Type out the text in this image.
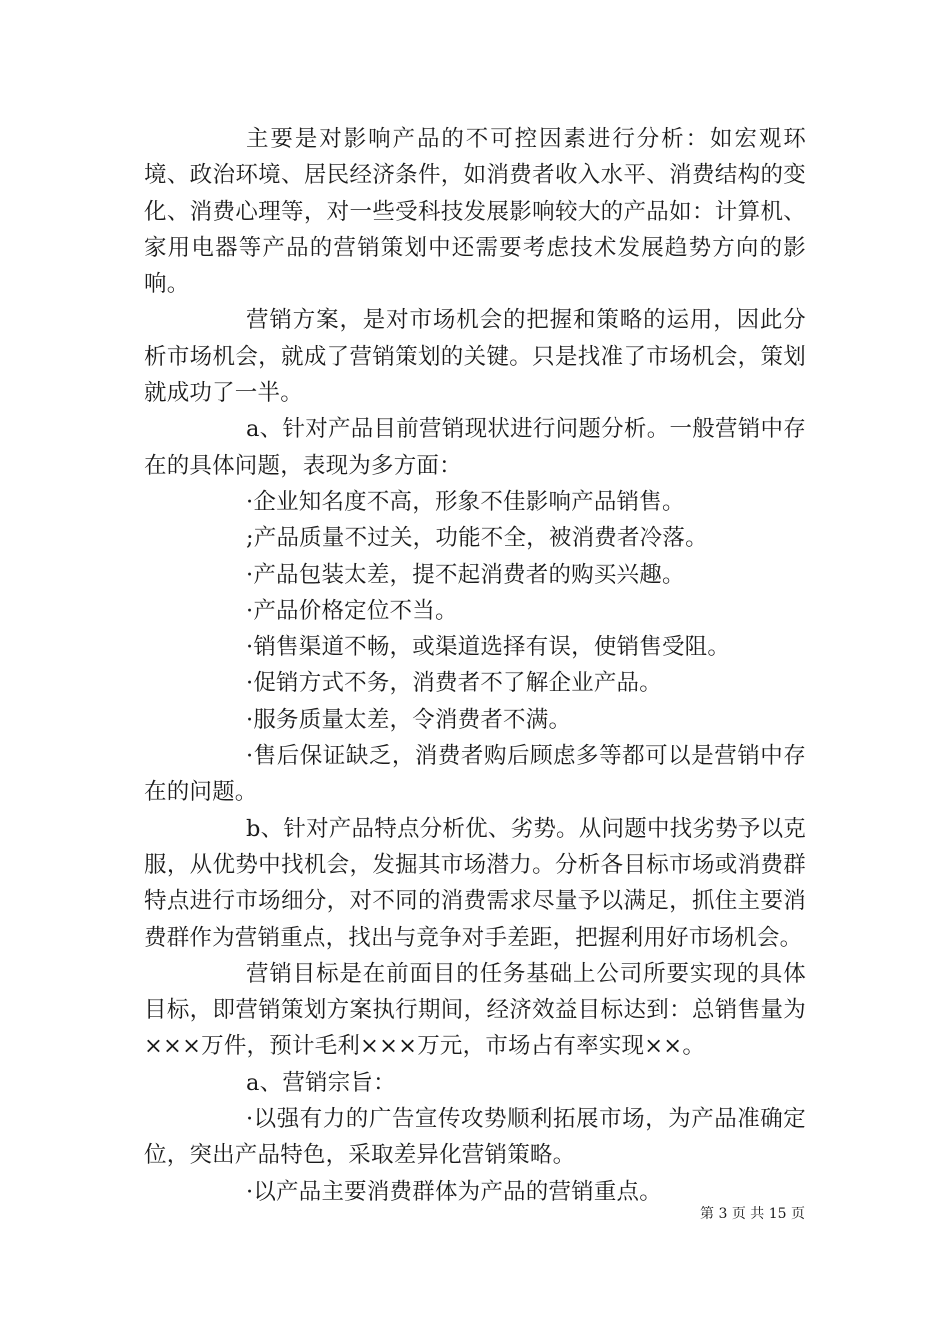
主要是对影响产品的不可控因素进行分析：如宏观环境、政治环境、居民经济条件，如消费者收入水平、消费结构的变化、消费心理等，对一些受科技发展影响较大的产品如：计算机、家用电器等产品的营销策划中还需要考虑技术发展趋势方向的影响。

营销方案，是对市场机会的把握和策略的运用，因此分析市场机会，就成了营销策划的关键。只是找准了市场机会，策划就成功了一半。

a、针对产品目前营销现状进行问题分析。一般营销中存在的具体问题，表现为多方面：

·企业知名度不高，形象不佳影响产品销售。

;产品质量不过关，功能不全，被消费者冷落。

·产品包装太差，提不起消费者的购买兴趣。

·产品价格定位不当。

·销售渠道不畅，或渠道选择有误，使销售受阻。

·促销方式不务，消费者不了解企业产品。

·服务质量太差，令消费者不满。

·售后保证缺乏，消费者购后顾虑多等都可以是营销中存在的问题。

b、针对产品特点分析优、劣势。从问题中找劣势予以克服，从优势中找机会，发掘其市场潜力。分析各目标市场或消费群特点进行市场细分，对不同的消费需求尽量予以满足，抓住主要消费群作为营销重点，找出与竞争对手差距，把握利用好市场机会。

营销目标是在前面目的任务基础上公司所要实现的具体目标，即营销策划方案执行期间，经济效益目标达到：总销售量为×××万件，预计毛利×××万元，市场占有率实现××。

a、营销宗旨：

·以强有力的广告宣传攻势顺利拓展市场，为产品准确定位，突出产品特色，采取差异化营销策略。

·以产品主要消费群体为产品的营销重点。

第 3 页 共 15 页
